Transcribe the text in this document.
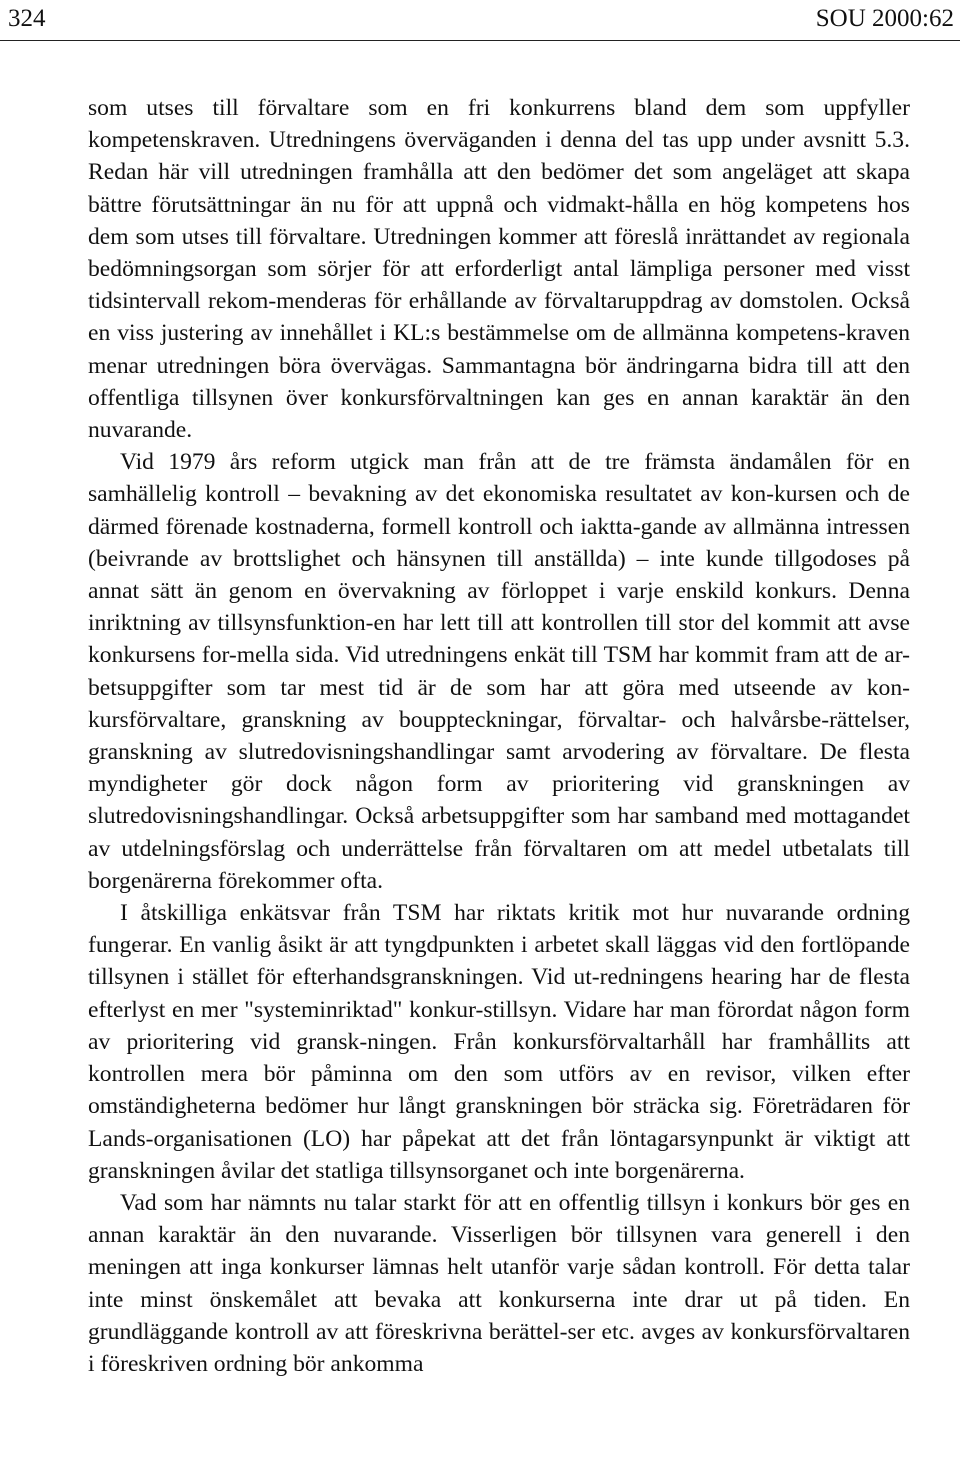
324	SOU 2000:62

som utses till förvaltare som en fri konkurrens bland dem som uppfyller kompetenskraven. Utredningens överväganden i denna del tas upp under avsnitt 5.3. Redan här vill utredningen framhålla att den bedömer det som angeläget att skapa bättre förutsättningar än nu för att uppnå och vidmakt-hålla en hög kompetens hos dem som utses till förvaltare. Utredningen kommer att föreslå inrättandet av regionala bedömningsorgan som sörjer för att erforderligt antal lämpliga personer med visst tidsintervall rekom-menderas för erhållande av förvaltaruppdrag av domstolen. Också en viss justering av innehållet i KL:s bestämmelse om de allmänna kompetens-kraven menar utredningen böra övervägas. Sammantagna bör ändringarna bidra till att den offentliga tillsynen över konkursförvaltningen kan ges en annan karaktär än den nuvarande.

Vid 1979 års reform utgick man från att de tre främsta ändamålen för en samhällelig kontroll – bevakning av det ekonomiska resultatet av kon-kursen och de därmed förenade kostnaderna, formell kontroll och iaktta-gande av allmänna intressen (beivrande av brottslighet och hänsynen till anställda) – inte kunde tillgodoses på annat sätt än genom en övervakning av förloppet i varje enskild konkurs. Denna inriktning av tillsynsfunktion-en har lett till att kontrollen till stor del kommit att avse konkursens for-mella sida. Vid utredningens enkät till TSM har kommit fram att de ar-betsuppgifter som tar mest tid är de som har att göra med utseende av kon-kursförvaltare, granskning av bouppteckningar, förvaltar- och halvårsbe-rättelser, granskning av slutredovisningshandlingar samt arvodering av förvaltare. De flesta myndigheter gör dock någon form av prioritering vid granskningen av slutredovisningshandlingar. Också arbetsuppgifter som har samband med mottagandet av utdelningsförslag och underrättelse från förvaltaren om att medel utbetalats till borgenärerna förekommer ofta.

I åtskilliga enkätsvar från TSM har riktats kritik mot hur nuvarande ordning fungerar. En vanlig åsikt är att tyngdpunkten i arbetet skall läggas vid den fortlöpande tillsynen i stället för efterhandsgranskningen. Vid ut-redningens hearing har de flesta efterlyst en mer "systeminriktad" konkur-stillsyn. Vidare har man förordat någon form av prioritering vid gransk-ningen. Från konkursförvaltarhåll har framhållits att kontrollen mera bör påminna om den som utförs av en revisor, vilken efter omständigheterna bedömer hur långt granskningen bör sträcka sig. Företrädaren för Lands-organisationen (LO) har påpekat att det från löntagarsynpunkt är viktigt att granskningen åvilar det statliga tillsynsorganet och inte borgenärerna.

Vad som har nämnts nu talar starkt för att en offentlig tillsyn i konkurs bör ges en annan karaktär än den nuvarande. Visserligen bör tillsynen vara generell i den meningen att inga konkurser lämnas helt utanför varje sådan kontroll. För detta talar inte minst önskemålet att bevaka att konkurserna inte drar ut på tiden. En grundläggande kontroll av att föreskrivna berättel-ser etc. avges av konkursförvaltaren i föreskriven ordning bör ankomma
